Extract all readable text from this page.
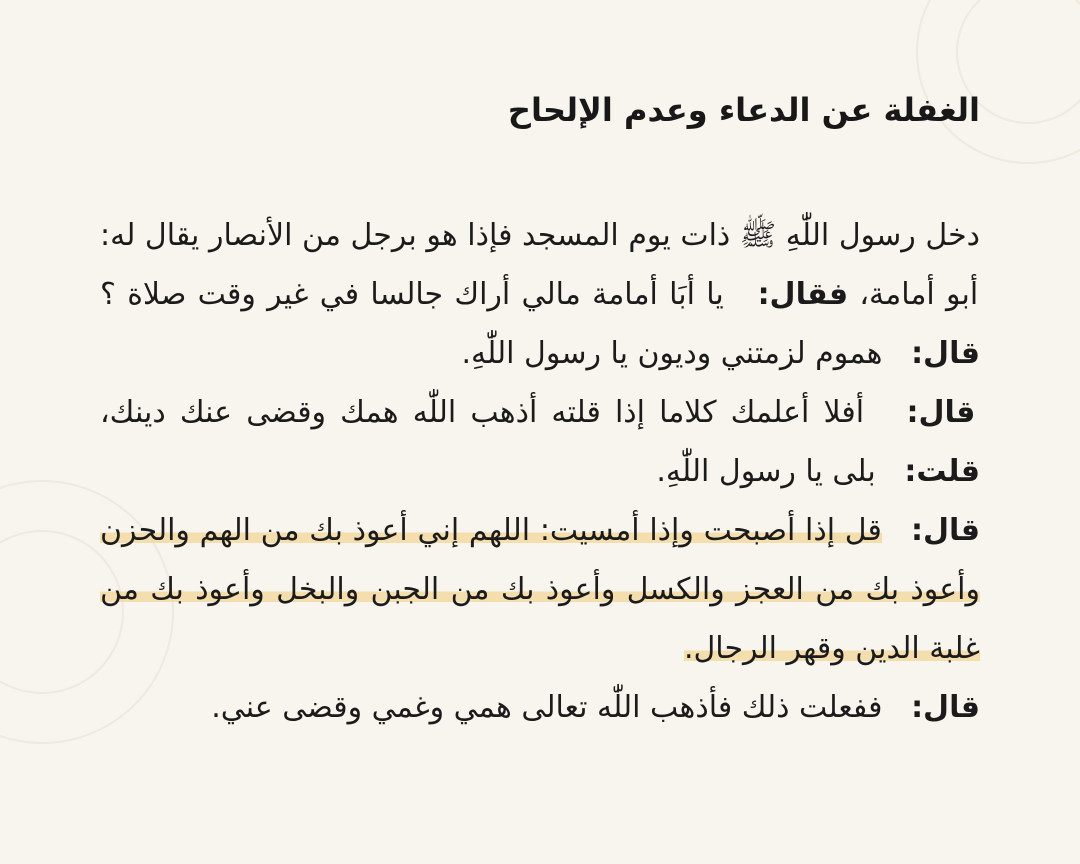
الغفلة عن الدعاء وعدم الإلحاح

دخل رسول اللّٰهِ ﷺ ذات يوم المسجد فإذا هو برجل من الأنصار يقال له: أبو أمامة، فقال:   يا أبَا أمامة مالي أراك جالسا في غير وقت صلاة ؟ قال:   هموم لزمتني وديون يا رسول اللّٰهِ.

قال:   أفلا أعلمك كلاما إذا قلته أذهب اللّٰه همك وقضى عنك دينك، قلت:   بلى يا رسول اللّٰهِ.

قال:   قل إذا أصبحت وإذا أمسيت: اللهم إني أعوذ بك من الهم والحزن وأعوذ بك من العجز والكسل وأعوذ بك من الجبن والبخل وأعوذ بك من غلبة الدين وقهر الرجال.

قال:   ففعلت ذلك فأذهب اللّٰه تعالى همي وغمي وقضى عني.
